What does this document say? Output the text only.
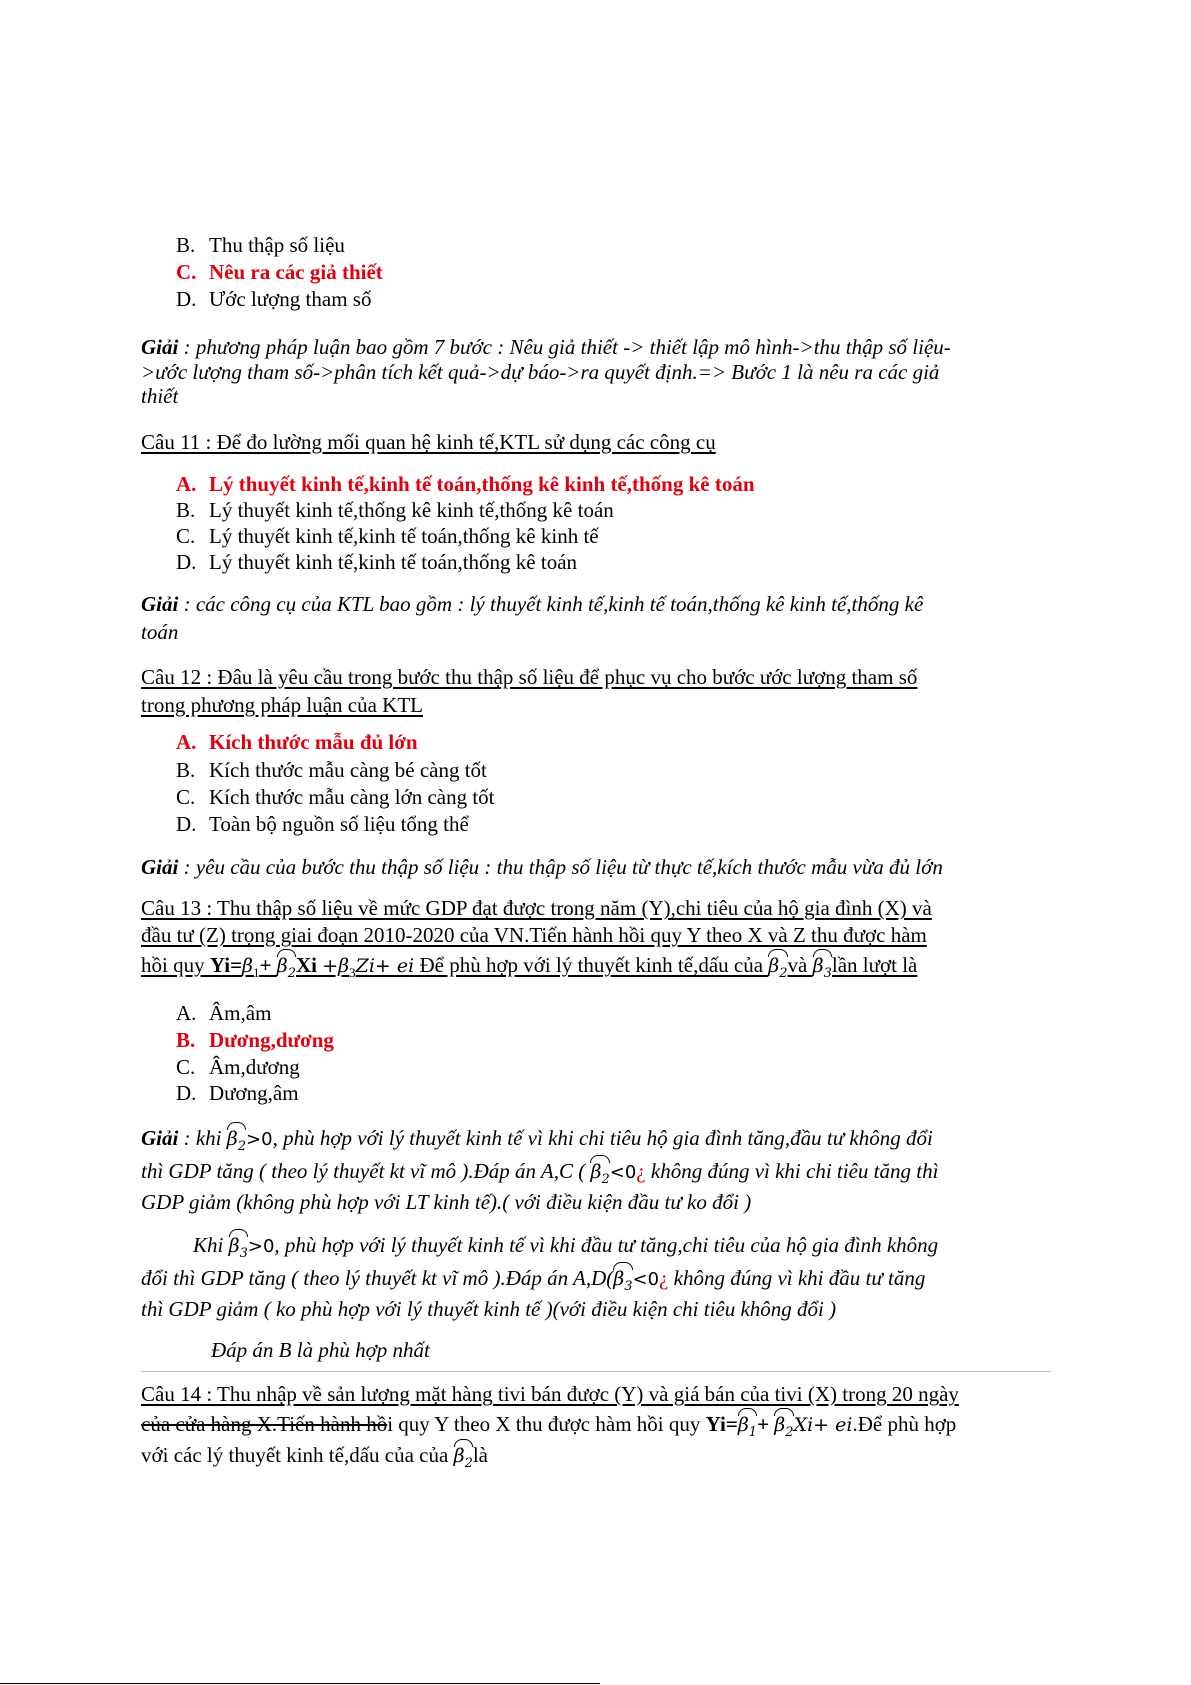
B. Thu thập số liệu
C. Nêu ra các giả thiết
D. Ước lượng tham số
Giải : phương pháp luận bao gồm 7 bước : Nêu giả thiết -> thiết lập mô hình->thu thập số liệu-
>ước lượng tham số->phân tích kết quả->dự báo->ra quyết định.=> Bước 1 là nêu ra các giả
thiết
Câu 11 : Để đo lường mối quan hệ kinh tế,KTL sử dụng các công cụ
A. Lý thuyết kinh tế,kinh tế toán,thống kê kinh tế,thống kê toán
B. Lý thuyết kinh tế,thống kê kinh tế,thống kê toán
C. Lý thuyết kinh tế,kinh tế toán,thống kê kinh tế
D. Lý thuyết kinh tế,kinh tế toán,thống kê toán
Giải : các công cụ của KTL bao gồm : lý thuyết kinh tế,kinh tế toán,thống kê kinh tế,thống kê
toán
Câu 12 : Đâu là yêu cầu trong bước thu thập số liệu để phục vụ cho bước ước lượng tham số
trong phương pháp luận của KTL
A. Kích thước mẫu đủ lớn
B. Kích thước mẫu càng bé càng tốt
C. Kích thước mẫu càng lớn càng tốt
D. Toàn bộ nguồn số liệu tổng thể
Giải : yêu cầu của bước thu thập số liệu : thu thập số liệu từ thực tế,kích thước mẫu vừa đủ lớn
Câu 13 : Thu thập số liệu về mức GDP đạt được trong năm (Y),chi tiêu của hộ gia đình (X) và
đầu tư (Z) trọng giai đoạn 2010-2020 của VN.Tiến hành hồi quy Y theo X và Z thu được hàm
hồi quy $Yi=\beta_1+ \beta_2Xi +\beta_3Zi+$ ei Để phù hợp với lý thuyết kinh tế,dấu của $\beta_2và$ $\beta_3lần$ lượt là
A. Âm,âm
B. Dương,dương
C. Âm,dương
D. Dương,âm
Giải : khi $\beta_2>0$, phù hợp với lý thuyết kinh tế vì khi chi tiêu hộ gia đình tăng,đầu tư không đổi
thì GDP tăng ( theo lý thuyết kt vĩ mô ).Đáp án A,C ( $\beta_2<0¿$ không đúng vì khi chi tiêu tăng thì
GDP giảm (không phù hợp với LT kinh tế).( với điều kiện đầu tư ko đổi )
Khi $\beta_3>0$, phù hợp với lý thuyết kinh tế vì khi đầu tư tăng,chi tiêu của hộ gia đình không
đổi thì GDP tăng ( theo lý thuyết kt vĩ mô ).Đáp án $A,D(\beta_3<0¿$ không đúng vì khi đầu tư tăng
thì GDP giảm ( ko phù hợp với lý thuyết kinh tế )(với điều kiện chi tiêu không đổi )
Đáp án B là phù hợp nhất
Câu 14 : Thu nhập về sản lượng mặt hàng tivi bán được (Y) và giá bán của tivi (X) trong 20 ngày
của cửa hàng X.Tiến hành hồi quy Y theo X thu được hàm hồi quy $Yi=\beta_1+ \beta_2Xi+$ ei.Để phù hợp
với các lý thuyết kinh tế,dấu của của $\beta_2là$
